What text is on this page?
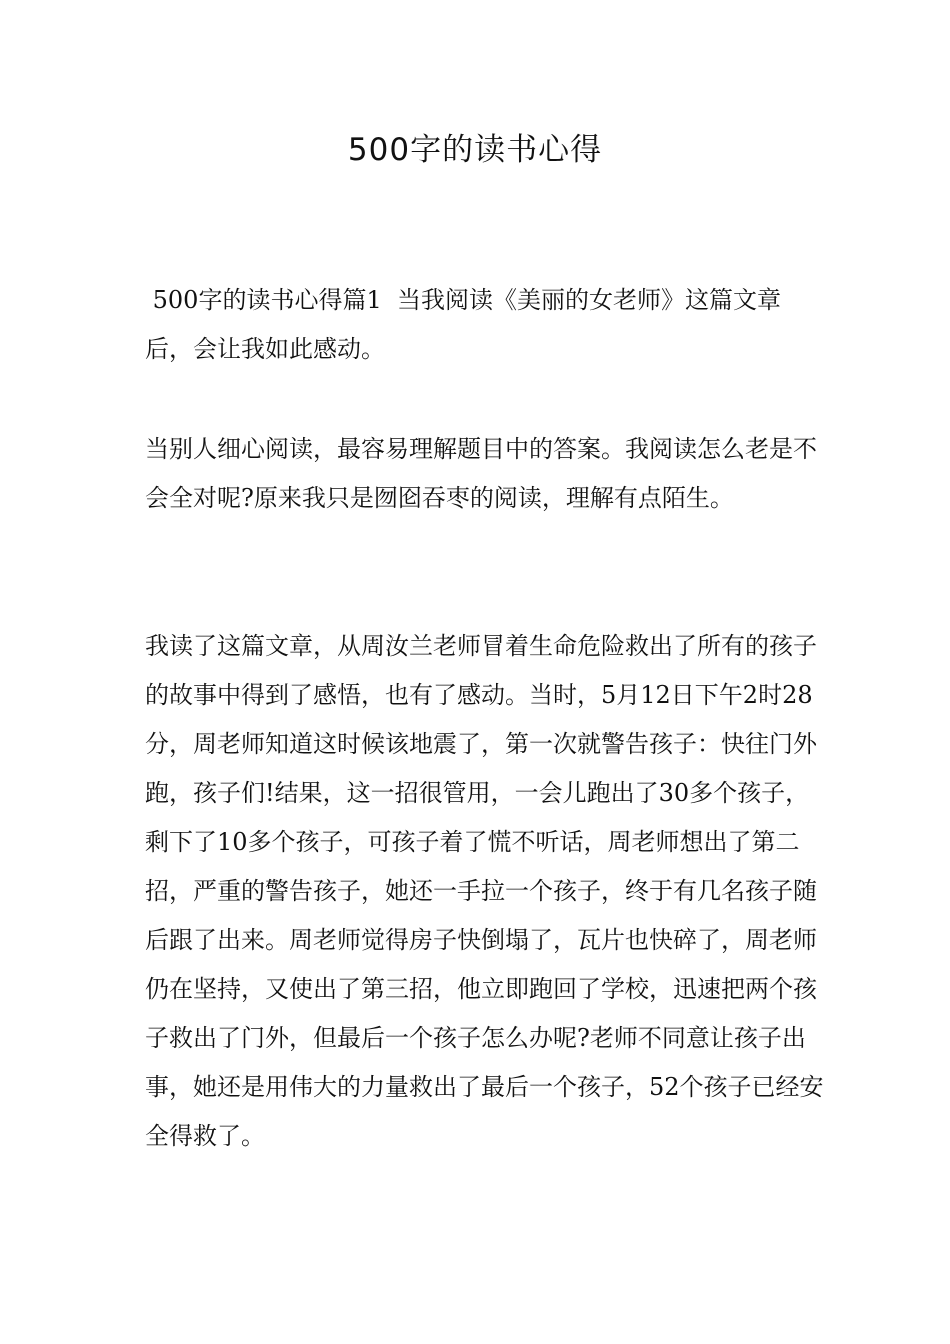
500字的读书心得

500字的读书心得篇1  当我阅读《美丽的女老师》这篇文章后，会让我如此感动。

当别人细心阅读，最容易理解题目中的答案。我阅读怎么老是不会全对呢?原来我只是囫囵吞枣的阅读，理解有点陌生。

我读了这篇文章，从周汝兰老师冒着生命危险救出了所有的孩子的故事中得到了感悟，也有了感动。当时，5月12日下午2时28分，周老师知道这时候该地震了，第一次就警告孩子：快往门外跑，孩子们!结果，这一招很管用，一会儿跑出了30多个孩子，剩下了10多个孩子，可孩子着了慌不听话，周老师想出了第二招，严重的警告孩子，她还一手拉一个孩子，终于有几名孩子随后跟了出来。周老师觉得房子快倒塌了，瓦片也快碎了，周老师仍在坚持，又使出了第三招，他立即跑回了学校，迅速把两个孩子救出了门外，但最后一个孩子怎么办呢?老师不同意让孩子出事，她还是用伟大的力量救出了最后一个孩子，52个孩子已经安全得救了。
